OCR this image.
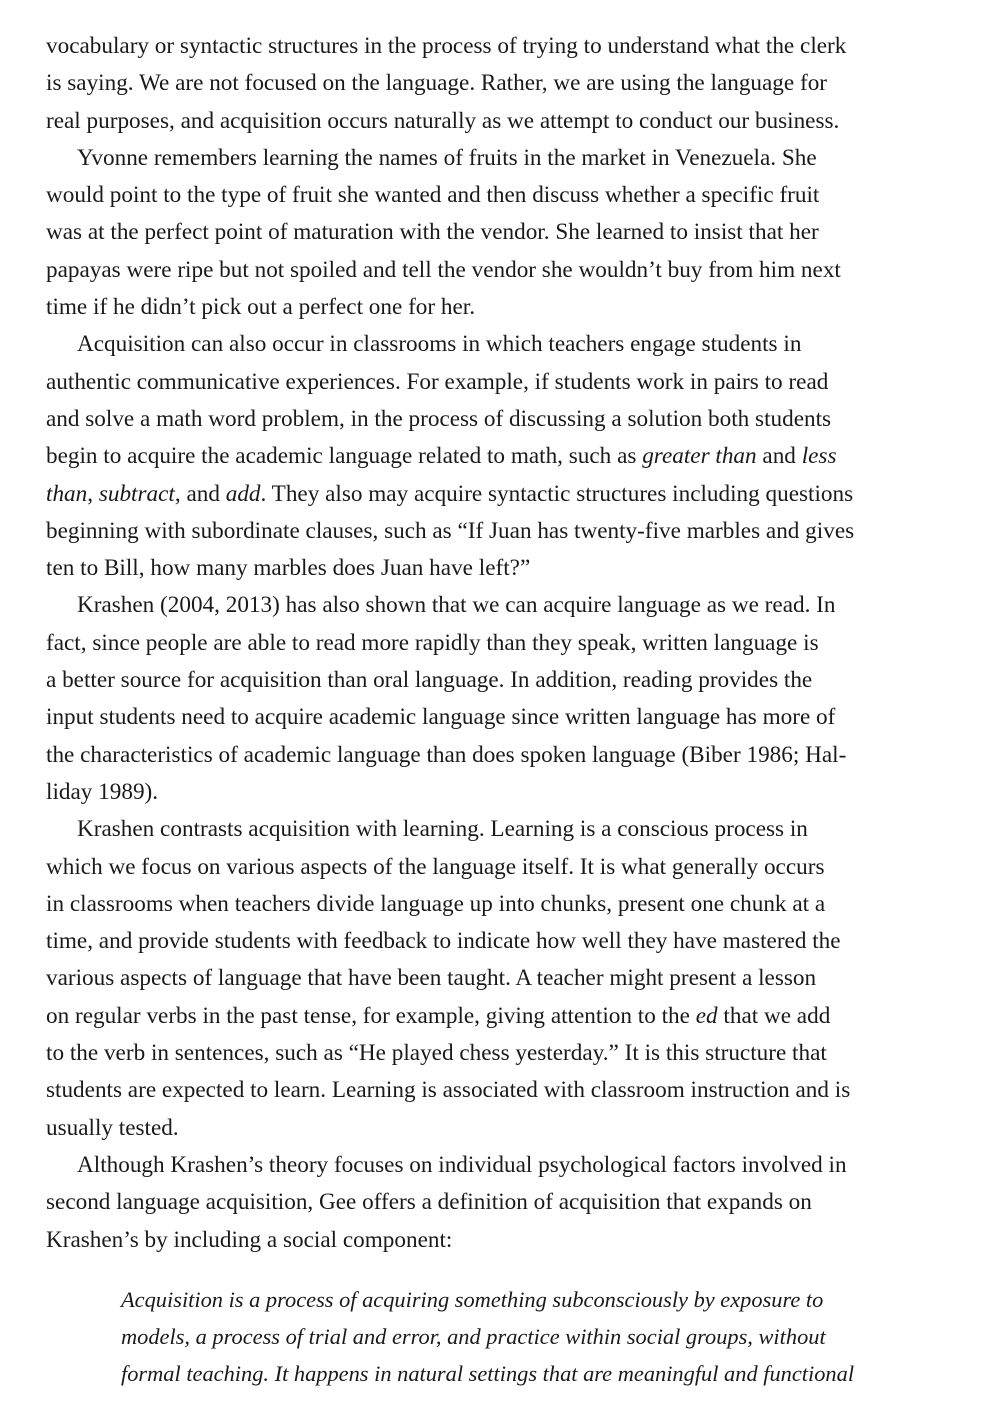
vocabulary or syntactic structures in the process of trying to understand what the clerk
is saying. We are not focused on the language. Rather, we are using the language for
real purposes, and acquisition occurs naturally as we attempt to conduct our business.

Yvonne remembers learning the names of fruits in the market in Venezuela. She
would point to the type of fruit she wanted and then discuss whether a specific fruit
was at the perfect point of maturation with the vendor. She learned to insist that her
papayas were ripe but not spoiled and tell the vendor she wouldn’t buy from him next
time if he didn’t pick out a perfect one for her.

Acquisition can also occur in classrooms in which teachers engage students in
authentic communicative experiences. For example, if students work in pairs to read
and solve a math word problem, in the process of discussing a solution both students
begin to acquire the academic language related to math, such as greater than and less
than, subtract, and add. They also may acquire syntactic structures including questions
beginning with subordinate clauses, such as “If Juan has twenty-five marbles and gives
ten to Bill, how many marbles does Juan have left?”

Krashen (2004, 2013) has also shown that we can acquire language as we read. In
fact, since people are able to read more rapidly than they speak, written language is
a better source for acquisition than oral language. In addition, reading provides the
input students need to acquire academic language since written language has more of
the characteristics of academic language than does spoken language (Biber 1986; Hal-
liday 1989).

Krashen contrasts acquisition with learning. Learning is a conscious process in
which we focus on various aspects of the language itself. It is what generally occurs
in classrooms when teachers divide language up into chunks, present one chunk at a
time, and provide students with feedback to indicate how well they have mastered the
various aspects of language that have been taught. A teacher might present a lesson
on regular verbs in the past tense, for example, giving attention to the ed that we add
to the verb in sentences, such as “He played chess yesterday.” It is this structure that
students are expected to learn. Learning is associated with classroom instruction and is
usually tested.

Although Krashen’s theory focuses on individual psychological factors involved in
second language acquisition, Gee offers a definition of acquisition that expands on
Krashen’s by including a social component:

Acquisition is a process of acquiring something subconsciously by exposure to
models, a process of trial and error, and practice within social groups, without
formal teaching. It happens in natural settings that are meaningful and functional
